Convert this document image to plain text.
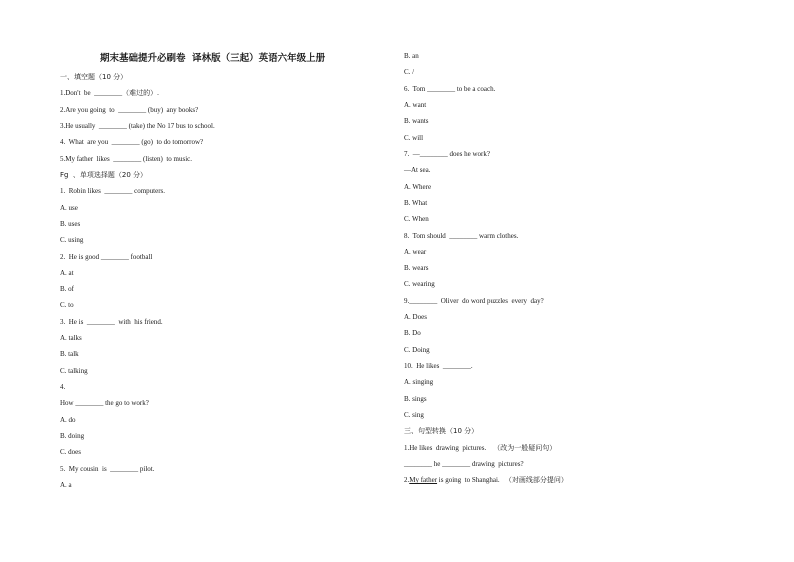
期末基础提升必刷卷  译林版（三起）英语六年级上册
一、填空题（10 分）
1.Don't  be  ________（难过的）.
2.Are you going  to  ________ (buy)  any books?
3.He usually  ________ (take) the No 17 bus to school.
4.  What  are you  ________ (go)  to do tomorrow?
5.My father  likes  ________ (listen)  to music.
Fg  、单项选择题（20 分）
1.  Robin likes  ________ computers.
A. use
B. uses
C. using
2.  He is good ________ football
A. at
B. of
C. to
3.  He is  ________  with  his friend.
A. talks
B. talk
C. talking
4.
How ________ the go to work?
A. do
B. doing
C. does
5.  My cousin  is  ________ pilot.
A. a
B. an
C. /
6.  Tom ________ to be a coach.
A. want
B. wants
C. will
7.  —________ does he work?
—At sea.
A. Where
B. What
C. When
8.  Tom should  ________ warm clothes.
A. wear
B. wears
C. wearing
9.________  Oliver  do word puzzles  every  day?
A. Does
B. Do
C. Doing
10.  He likes  ________.
A. singing
B. sings
C. sing
三、句型转换（10 分）
1.He likes  drawing  pictures.    （改为一般疑问句）
________ he ________ drawing  pictures?
2.My father is going  to Shanghai.   （对画线部分提问）
